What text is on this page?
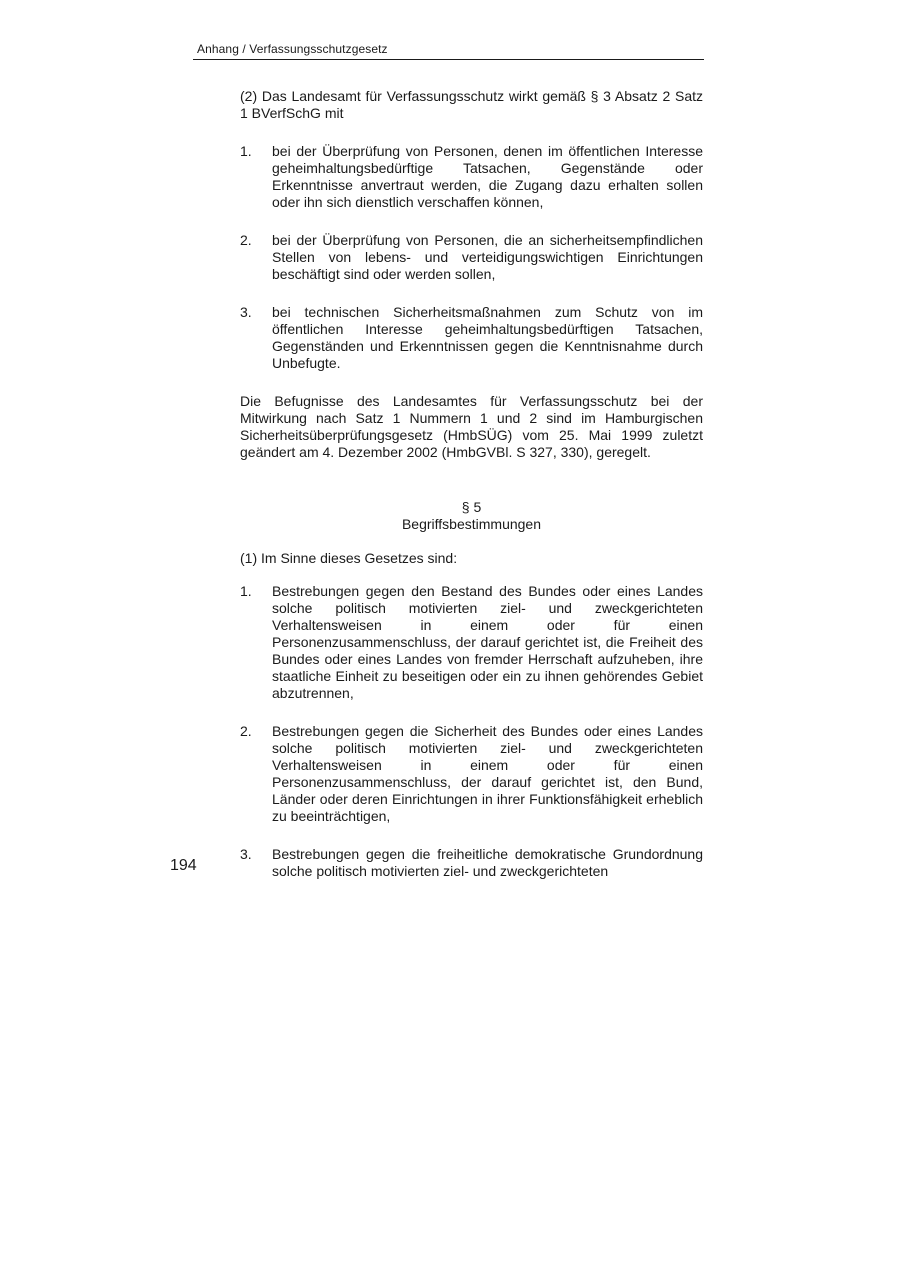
Anhang / Verfassungsschutzgesetz

(2) Das Landesamt für Verfassungsschutz wirkt gemäß § 3 Absatz 2 Satz 1 BVerfSchG mit

1.	bei der Überprüfung von Personen, denen im öffentlichen Interesse geheimhaltungsbedürftige Tatsachen, Gegenstände oder Erkenntnisse anvertraut werden, die Zugang dazu erhalten sollen oder ihn sich dienstlich verschaffen können,
2.	bei der Überprüfung von Personen, die an sicherheitsempfindlichen Stellen von lebens- und verteidigungswichtigen Einrichtungen beschäftigt sind oder werden sollen,
3.	bei technischen Sicherheitsmaßnahmen zum Schutz von im öffentlichen Interesse geheimhaltungsbedürftigen Tatsachen, Gegenständen und Erkenntnissen gegen die Kenntnisnahme durch Unbefugte.

Die Befugnisse des Landesamtes für Verfassungsschutz bei der Mitwirkung nach Satz 1 Nummern 1 und 2 sind im Hamburgischen Sicherheitsüberprüfungsgesetz (HmbSÜG) vom 25. Mai 1999 zuletzt geändert am 4. Dezember 2002 (HmbGVBl. S 327, 330), geregelt.

§ 5
Begriffsbestimmungen

(1) Im Sinne dieses Gesetzes sind:

1.	Bestrebungen gegen den Bestand des Bundes oder eines Landes solche politisch motivierten ziel- und zweckgerichteten Verhaltensweisen in einem oder für einen Personenzusammenschluss, der darauf gerichtet ist, die Freiheit des Bundes oder eines Landes von fremder Herrschaft aufzuheben, ihre staatliche Einheit zu beseitigen oder ein zu ihnen gehörendes Gebiet abzutrennen,
2.	Bestrebungen gegen die Sicherheit des Bundes oder eines Landes solche politisch motivierten ziel- und zweckgerichteten Verhaltensweisen in einem oder für einen Personenzusammenschluss, der darauf gerichtet ist, den Bund, Länder oder deren Einrichtungen in ihrer Funktionsfähigkeit erheblich zu beeinträchtigen,
3.	Bestrebungen gegen die freiheitliche demokratische Grundordnung solche politisch motivierten ziel- und zweckgerichteten
194
